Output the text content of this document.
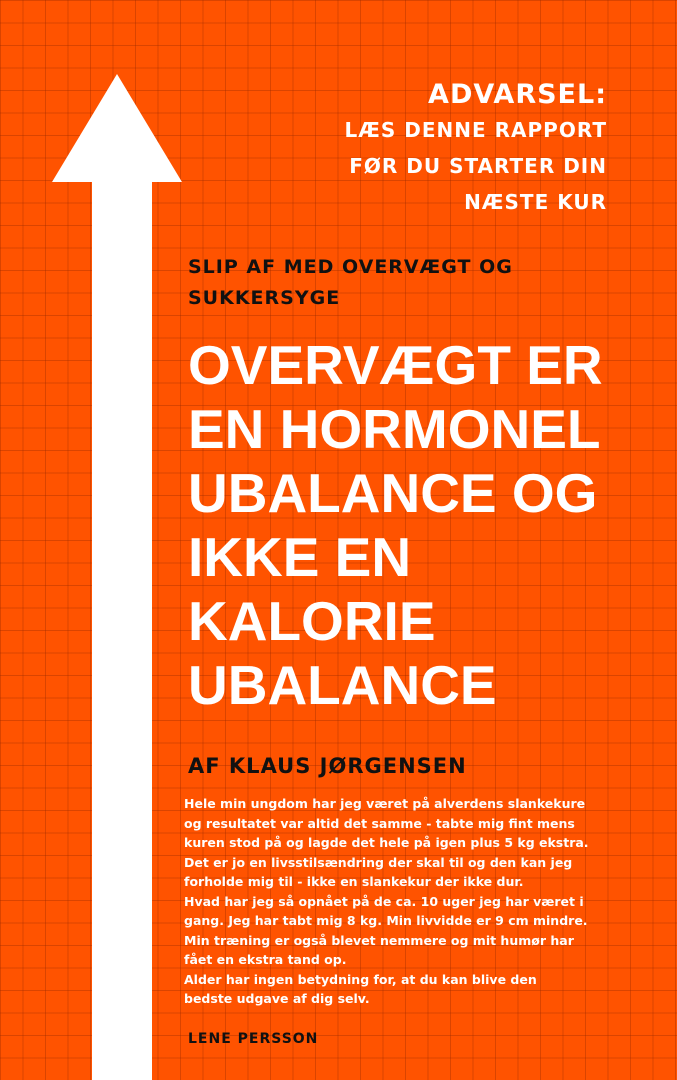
ADVARSEL:
LÆS DENNE RAPPORT
FØR DU STARTER DIN
NÆSTE KUR
SLIP AF MED OVERVÆGT OG
SUKKERSYGE
OVERVÆGT ER
EN HORMONEL
UBALANCE OG
IKKE EN
KALORIE
UBALANCE
AF KLAUS JØRGENSEN
Hele min ungdom har jeg været på alverdens slankekure
og resultatet var altid det samme - tabte mig fint mens
kuren stod på og lagde det hele på igen plus 5 kg ekstra.
Det er jo en livsstilsændring der skal til og den kan jeg
forholde mig til - ikke en slankekur der ikke dur.
Hvad har jeg så opnået på de ca. 10 uger jeg har været i
gang. Jeg har tabt mig 8 kg. Min livvidde er 9 cm mindre.
Min træning er også blevet nemmere og mit humør har
fået en ekstra tand op.
Alder har ingen betydning for, at du kan blive den
bedste udgave af dig selv.
LENE PERSSON
